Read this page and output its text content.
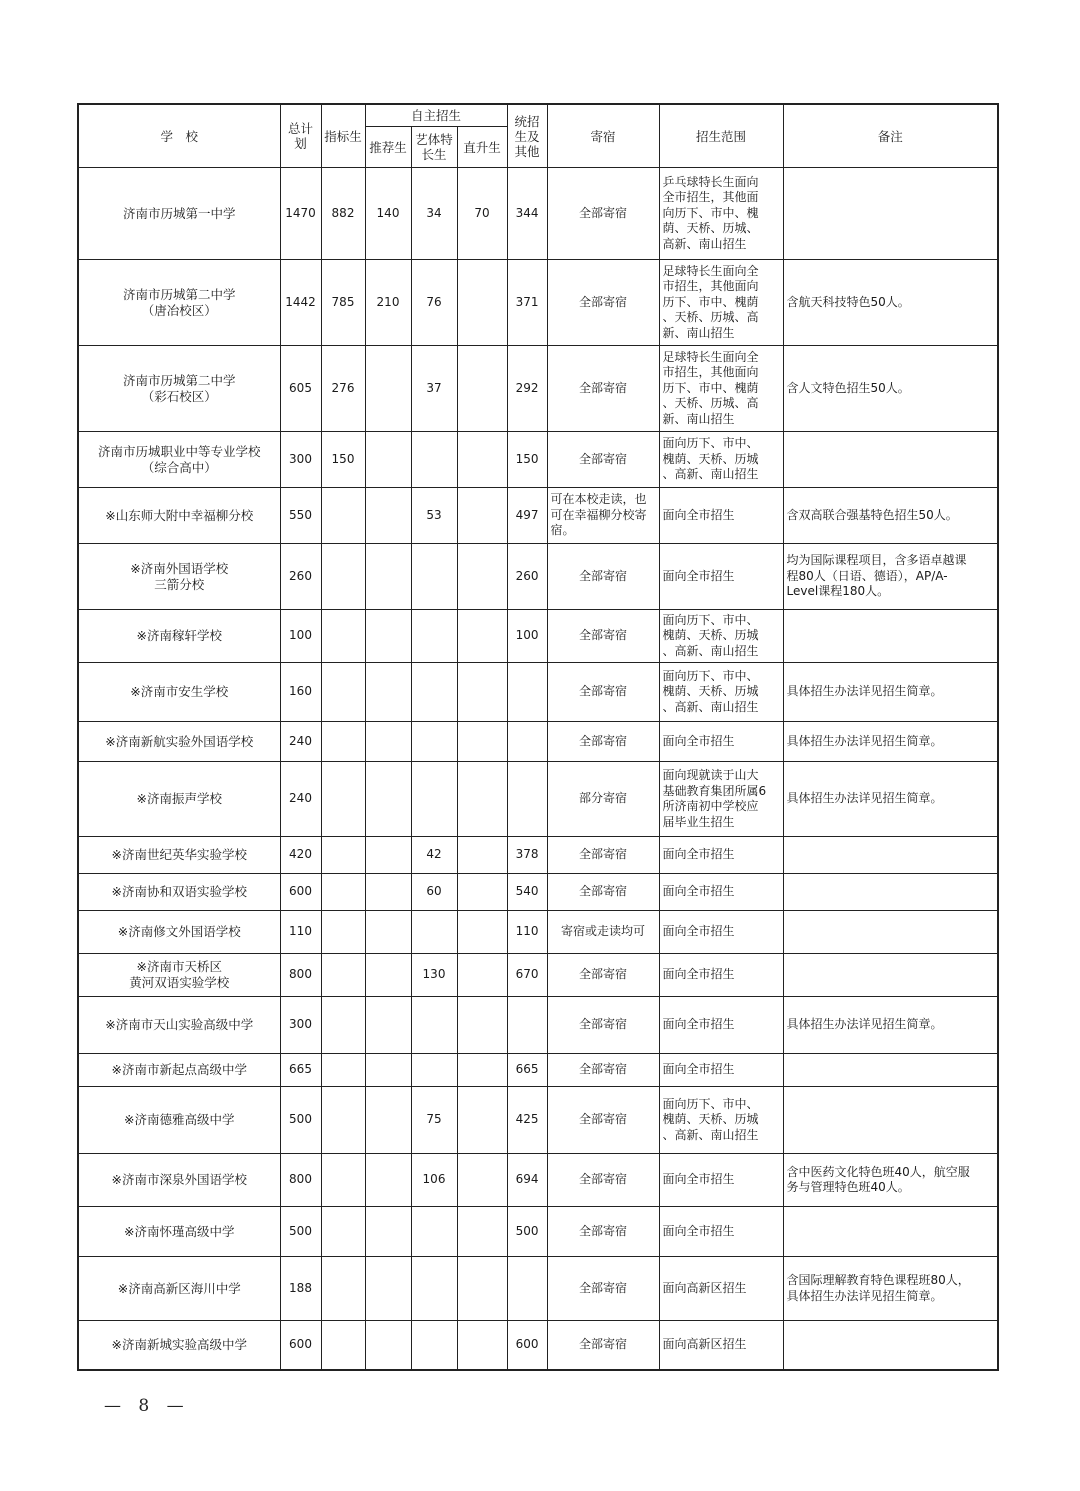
学　校	总计
划	指标生	自主招生			统招
生及
其他	寄宿	招生范围	备注
			推荐生	艺体特
长生	直升生				
济南市历城第一中学	1470	882	140	34	70	344	全部寄宿	乒乓球特长生面向
全市招生，其他面
向历下、市中、槐
荫、天桥、历城、
高新、南山招生	
济南市历城第二中学
（唐冶校区）	1442	785	210	76		371	全部寄宿	足球特长生面向全
市招生，其他面向
历下、市中、槐荫
、天桥、历城、高
新、南山招生	含航天科技特色50人。
济南市历城第二中学
（彩石校区）	605	276		37		292	全部寄宿	足球特长生面向全
市招生，其他面向
历下、市中、槐荫
、天桥、历城、高
新、南山招生	含人文特色招生50人。
济南市历城职业中等专业学校
（综合高中）	300	150				150	全部寄宿	面向历下、市中、
槐荫、天桥、历城
、高新、南山招生	
※山东师大附中幸福柳分校	550			53		497	可在本校走读，也
可在幸福柳分校寄
宿。	面向全市招生	含双高联合强基特色招生50人。
※济南外国语学校
三箭分校	260					260	全部寄宿	面向全市招生	均为国际课程项目，含多语卓越课
程80人（日语、德语），AP/A-
Level课程180人。
※济南稼轩学校	100					100	全部寄宿	面向历下、市中、
槐荫、天桥、历城
、高新、南山招生	
※济南市安生学校	160						全部寄宿	面向历下、市中、
槐荫、天桥、历城
、高新、南山招生	具体招生办法详见招生简章。
※济南新航实验外国语学校	240						全部寄宿	面向全市招生	具体招生办法详见招生简章。
※济南振声学校	240						部分寄宿	面向现就读于山大
基础教育集团所属6
所济南初中学校应
届毕业生招生	具体招生办法详见招生简章。
※济南世纪英华实验学校	420			42		378	全部寄宿	面向全市招生	
※济南协和双语实验学校	600			60		540	全部寄宿	面向全市招生	
※济南修文外国语学校	110					110	寄宿或走读均可	面向全市招生	
※济南市天桥区
黄河双语实验学校	800			130		670	全部寄宿	面向全市招生	
※济南市天山实验高级中学	300						全部寄宿	面向全市招生	具体招生办法详见招生简章。
※济南市新起点高级中学	665					665	全部寄宿	面向全市招生	
※济南德雅高级中学	500			75		425	全部寄宿	面向历下、市中、
槐荫、天桥、历城
、高新、南山招生	
※济南市深泉外国语学校	800			106		694	全部寄宿	面向全市招生	含中医药文化特色班40人，航空服
务与管理特色班40人。
※济南怀瑾高级中学	500					500	全部寄宿	面向全市招生	
※济南高新区海川中学	188						全部寄宿	面向高新区招生	含国际理解教育特色课程班80人，
具体招生办法详见招生简章。
※济南新城实验高级中学	600					600	全部寄宿	面向高新区招生	
— 8 —
